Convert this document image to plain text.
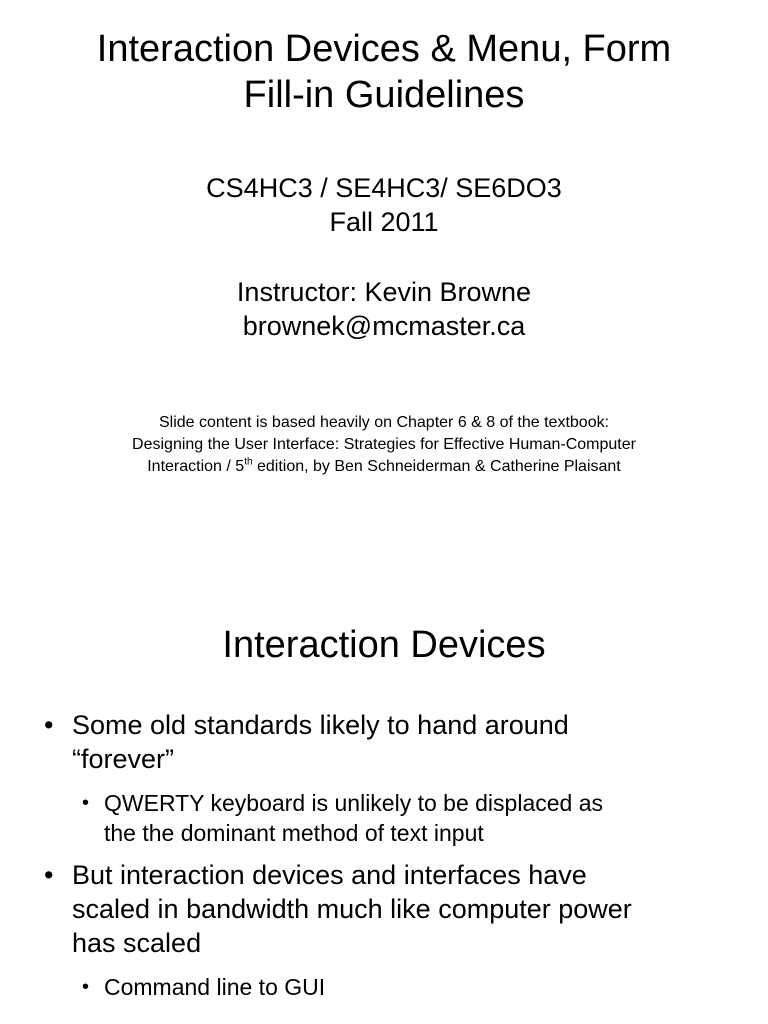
Interaction Devices & Menu, Form
Fill-in Guidelines

CS4HC3 / SE4HC3/ SE6DO3

Fall 2011

Instructor: Kevin Browne

brownek@mcmaster.ca

Slide content is based heavily on Chapter 6 & 8 of the textbook:
Designing the User Interface: Strategies for Effective Human-Computer
Interaction / 5th edition, by Ben Schneiderman & Catherine Plaisant
Interaction Devices
• Some old standards likely to hand around
“forever”
• QWERTY keyboard is unlikely to be displaced as
the the dominant method of text input
• But interaction devices and interfaces have
scaled in bandwidth much like computer power
has scaled
• Command line to GUI
